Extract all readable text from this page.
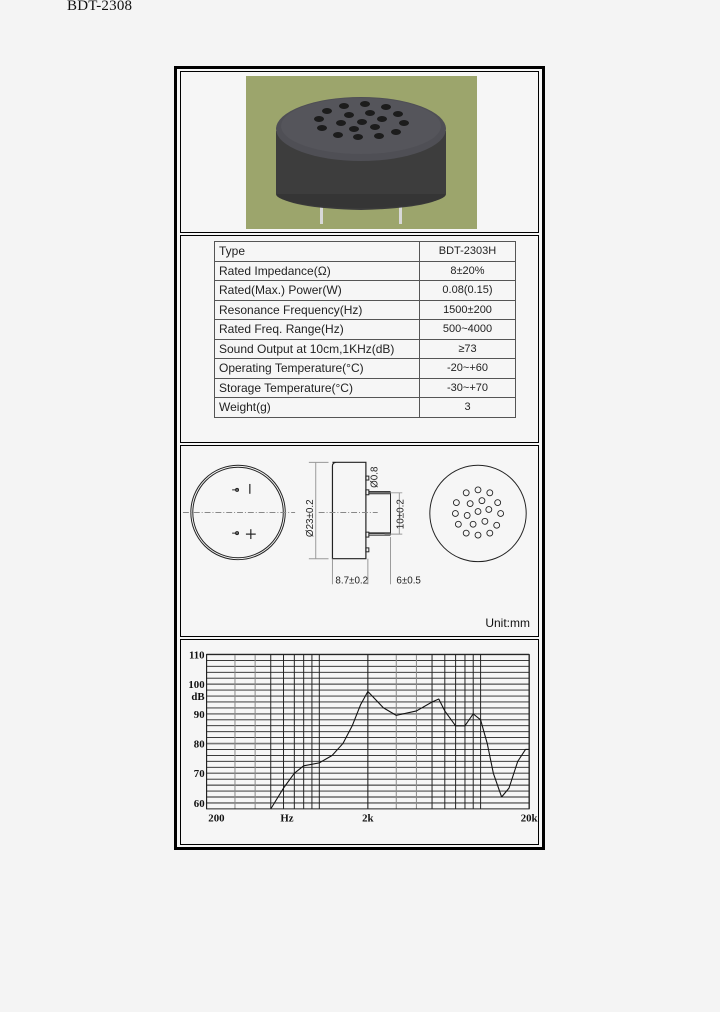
BDT-2308
Type	BDT-2303H
Rated Impedance(Ω)	8±20%
Rated(Max.) Power(W)	0.08(0.15)
Resonance Frequency(Hz)	1500±200
Rated Freq. Range(Hz)	500~4000
Sound Output at 10cm,1KHz(dB)	≥73
Operating Temperature(°C)	-20~+60
Storage Temperature(°C)	-30~+70
Weight(g)	3
Ø23±0.2
Ø0.8
10±0.2
8.7±0.2	6±0.5
Unit:mm
110
100
90
80
70
60
dB
200	2k	20k
Hz
